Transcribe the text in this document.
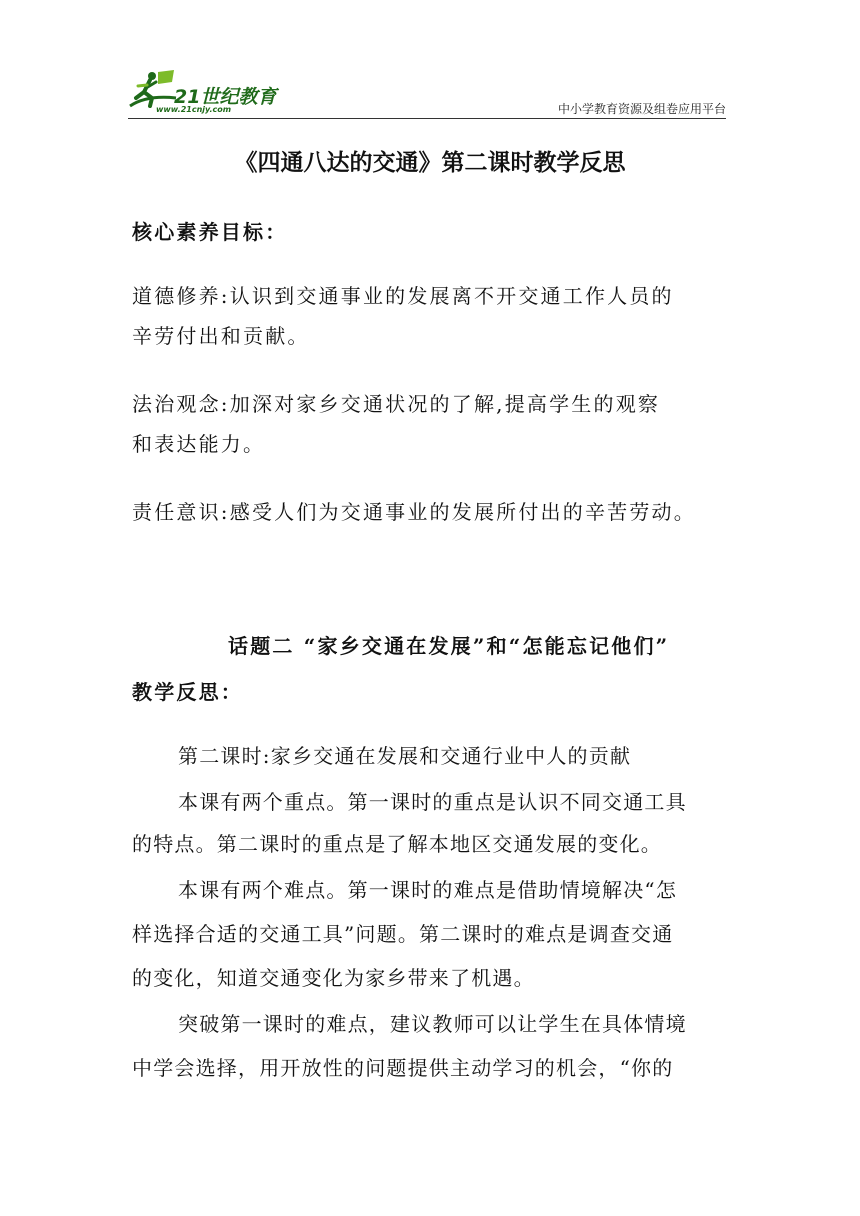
21世纪教育
www.21cnjy.com	中小学教育资源及组卷应用平台
《四通八达的交通》第二课时教学反思
核心素养目标：
道德修养:认识到交通事业的发展离不开交通工作人员的
辛劳付出和贡献。
法治观念:加深对家乡交通状况的了解,提高学生的观察
和表达能力。
责任意识:感受人们为交通事业的发展所付出的辛苦劳动。
话题二 “家乡交通在发展”和“怎能忘记他们”
教学反思：
第二课时:家乡交通在发展和交通行业中人的贡献
本课有两个重点。第一课时的重点是认识不同交通工具
的特点。第二课时的重点是了解本地区交通发展的变化。
本课有两个难点。第一课时的难点是借助情境解决“怎
样选择合适的交通工具”问题。第二课时的难点是调查交通
的变化，知道交通变化为家乡带来了机遇。
突破第一课时的难点，建议教师可以让学生在具体情境
中学会选择，用开放性的问题提供主动学习的机会，“你的
